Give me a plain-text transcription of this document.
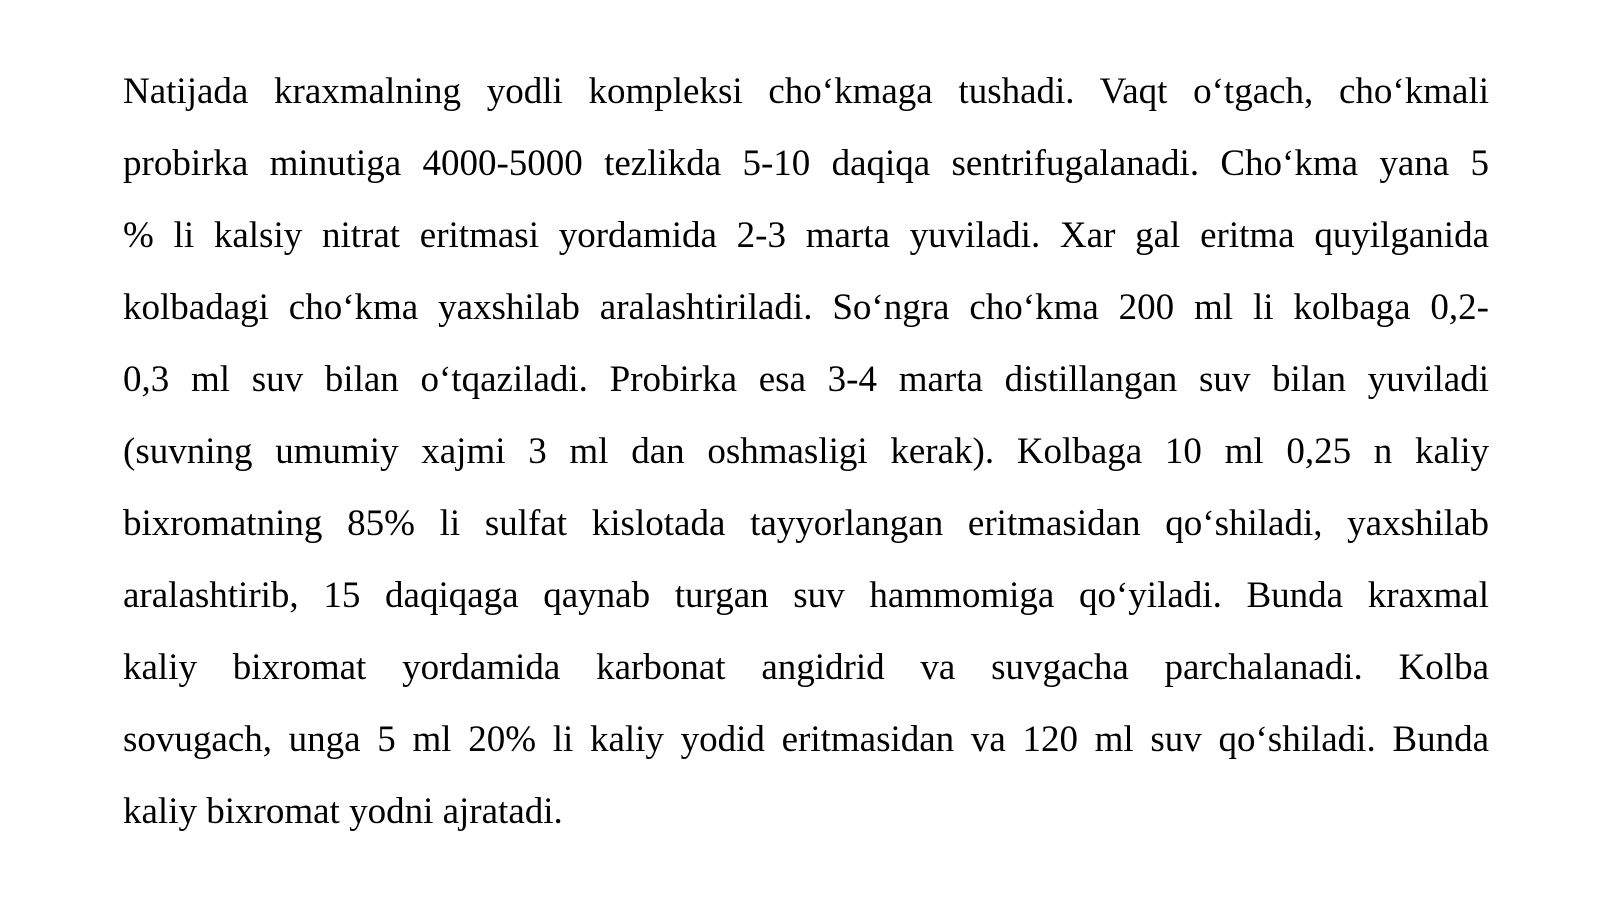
Natijada kraxmalning yodli kompleksi cho‘kmaga tushadi. Vaqt o‘tgach, cho‘kmali
probirka minutiga 4000-5000 tezlikda 5-10 daqiqa sentrifugalanadi. Cho‘kma yana 5
% li kalsiy nitrat eritmasi yordamida 2-3 marta yuviladi. Xar gal eritma quyilganida
kolbadagi cho‘kma yaxshilab aralashtiriladi. So‘ngra cho‘kma 200 ml li kolbaga 0,2-
0,3 ml suv bilan o‘tqaziladi. Probirka esa 3-4 marta distillangan suv bilan yuviladi
(suvning umumiy xajmi 3 ml dan oshmasligi kerak). Kolbaga 10 ml 0,25 n kaliy
bixromatning 85% li sulfat kislotada tayyorlangan eritmasidan qo‘shiladi, yaxshilab
aralashtirib, 15 daqiqaga qaynab turgan suv hammomiga qo‘yiladi. Bunda kraxmal
kaliy bixromat yordamida karbonat angidrid va suvgacha parchalanadi. Kolba
sovugach, unga 5 ml 20% li kaliy yodid eritmasidan va 120 ml suv qo‘shiladi. Bunda
kaliy bixromat yodni ajratadi.
